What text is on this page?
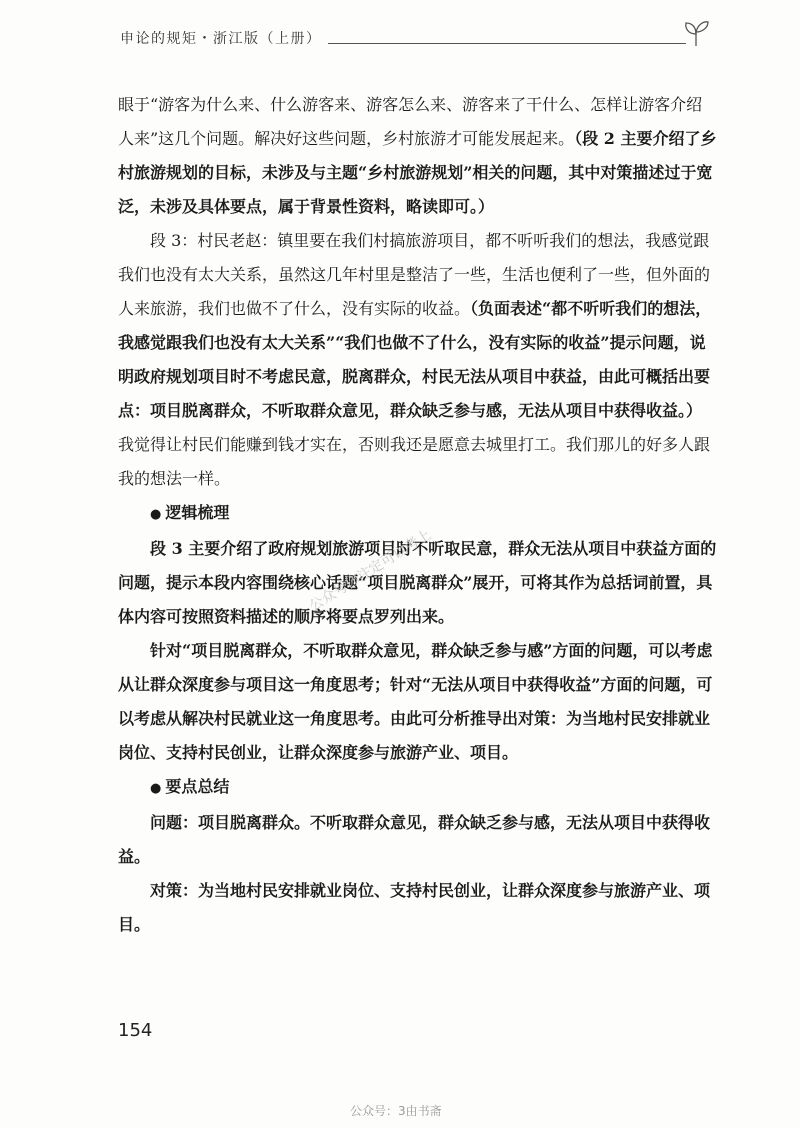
申论的规矩・浙江版（上册）

眼于“游客为什么来、什么游客来、游客怎么来、游客来了干什么、怎样让游客介绍人来”这几个问题。解决好这些问题，乡村旅游才可能发展起来。（段 2 主要介绍了乡村旅游规划的目标，未涉及与主题“乡村旅游规划”相关的问题，其中对策描述过于宽泛，未涉及具体要点，属于背景性资料，略读即可。）

段 3：村民老赵：镇里要在我们村搞旅游项目，都不听听我们的想法，我感觉跟我们也没有太大关系，虽然这几年村里是整洁了一些，生活也便利了一些，但外面的人来旅游，我们也做不了什么，没有实际的收益。（负面表述“都不听听我们的想法，我感觉跟我们也没有太大关系”“我们也做不了什么，没有实际的收益”提示问题，说明政府规划项目时不考虑民意，脱离群众，村民无法从项目中获益，由此可概括出要点：项目脱离群众，不听取群众意见，群众缺乏参与感，无法从项目中获得收益。）我觉得让村民们能赚到钱才实在，否则我还是愿意去城里打工。我们那儿的好多人跟我的想法一样。

● 逻辑梳理

段 3 主要介绍了政府规划旅游项目时不听取民意，群众无法从项目中获益方面的问题，提示本段内容围绕核心话题“项目脱离群众”展开，可将其作为总括词前置，具体内容可按照资料描述的顺序将要点罗列出来。

针对“项目脱离群众，不听取群众意见，群众缺乏参与感”方面的问题，可以考虑从让群众深度参与项目这一角度思考；针对“无法从项目中获得收益”方面的问题，可以考虑从解决村民就业这一角度思考。由此可分析推导出对策：为当地村民安排就业岗位、支持村民创业，让群众深度参与旅游产业、项目。

● 要点总结

问题：项目脱离群众。不听取群众意见，群众缺乏参与感，无法从项目中获得收益。

对策：为当地村民安排就业岗位、支持村民创业，让群众深度参与旅游产业、项目。

公众号你注定可以考上
154
公众号：3由书斋
